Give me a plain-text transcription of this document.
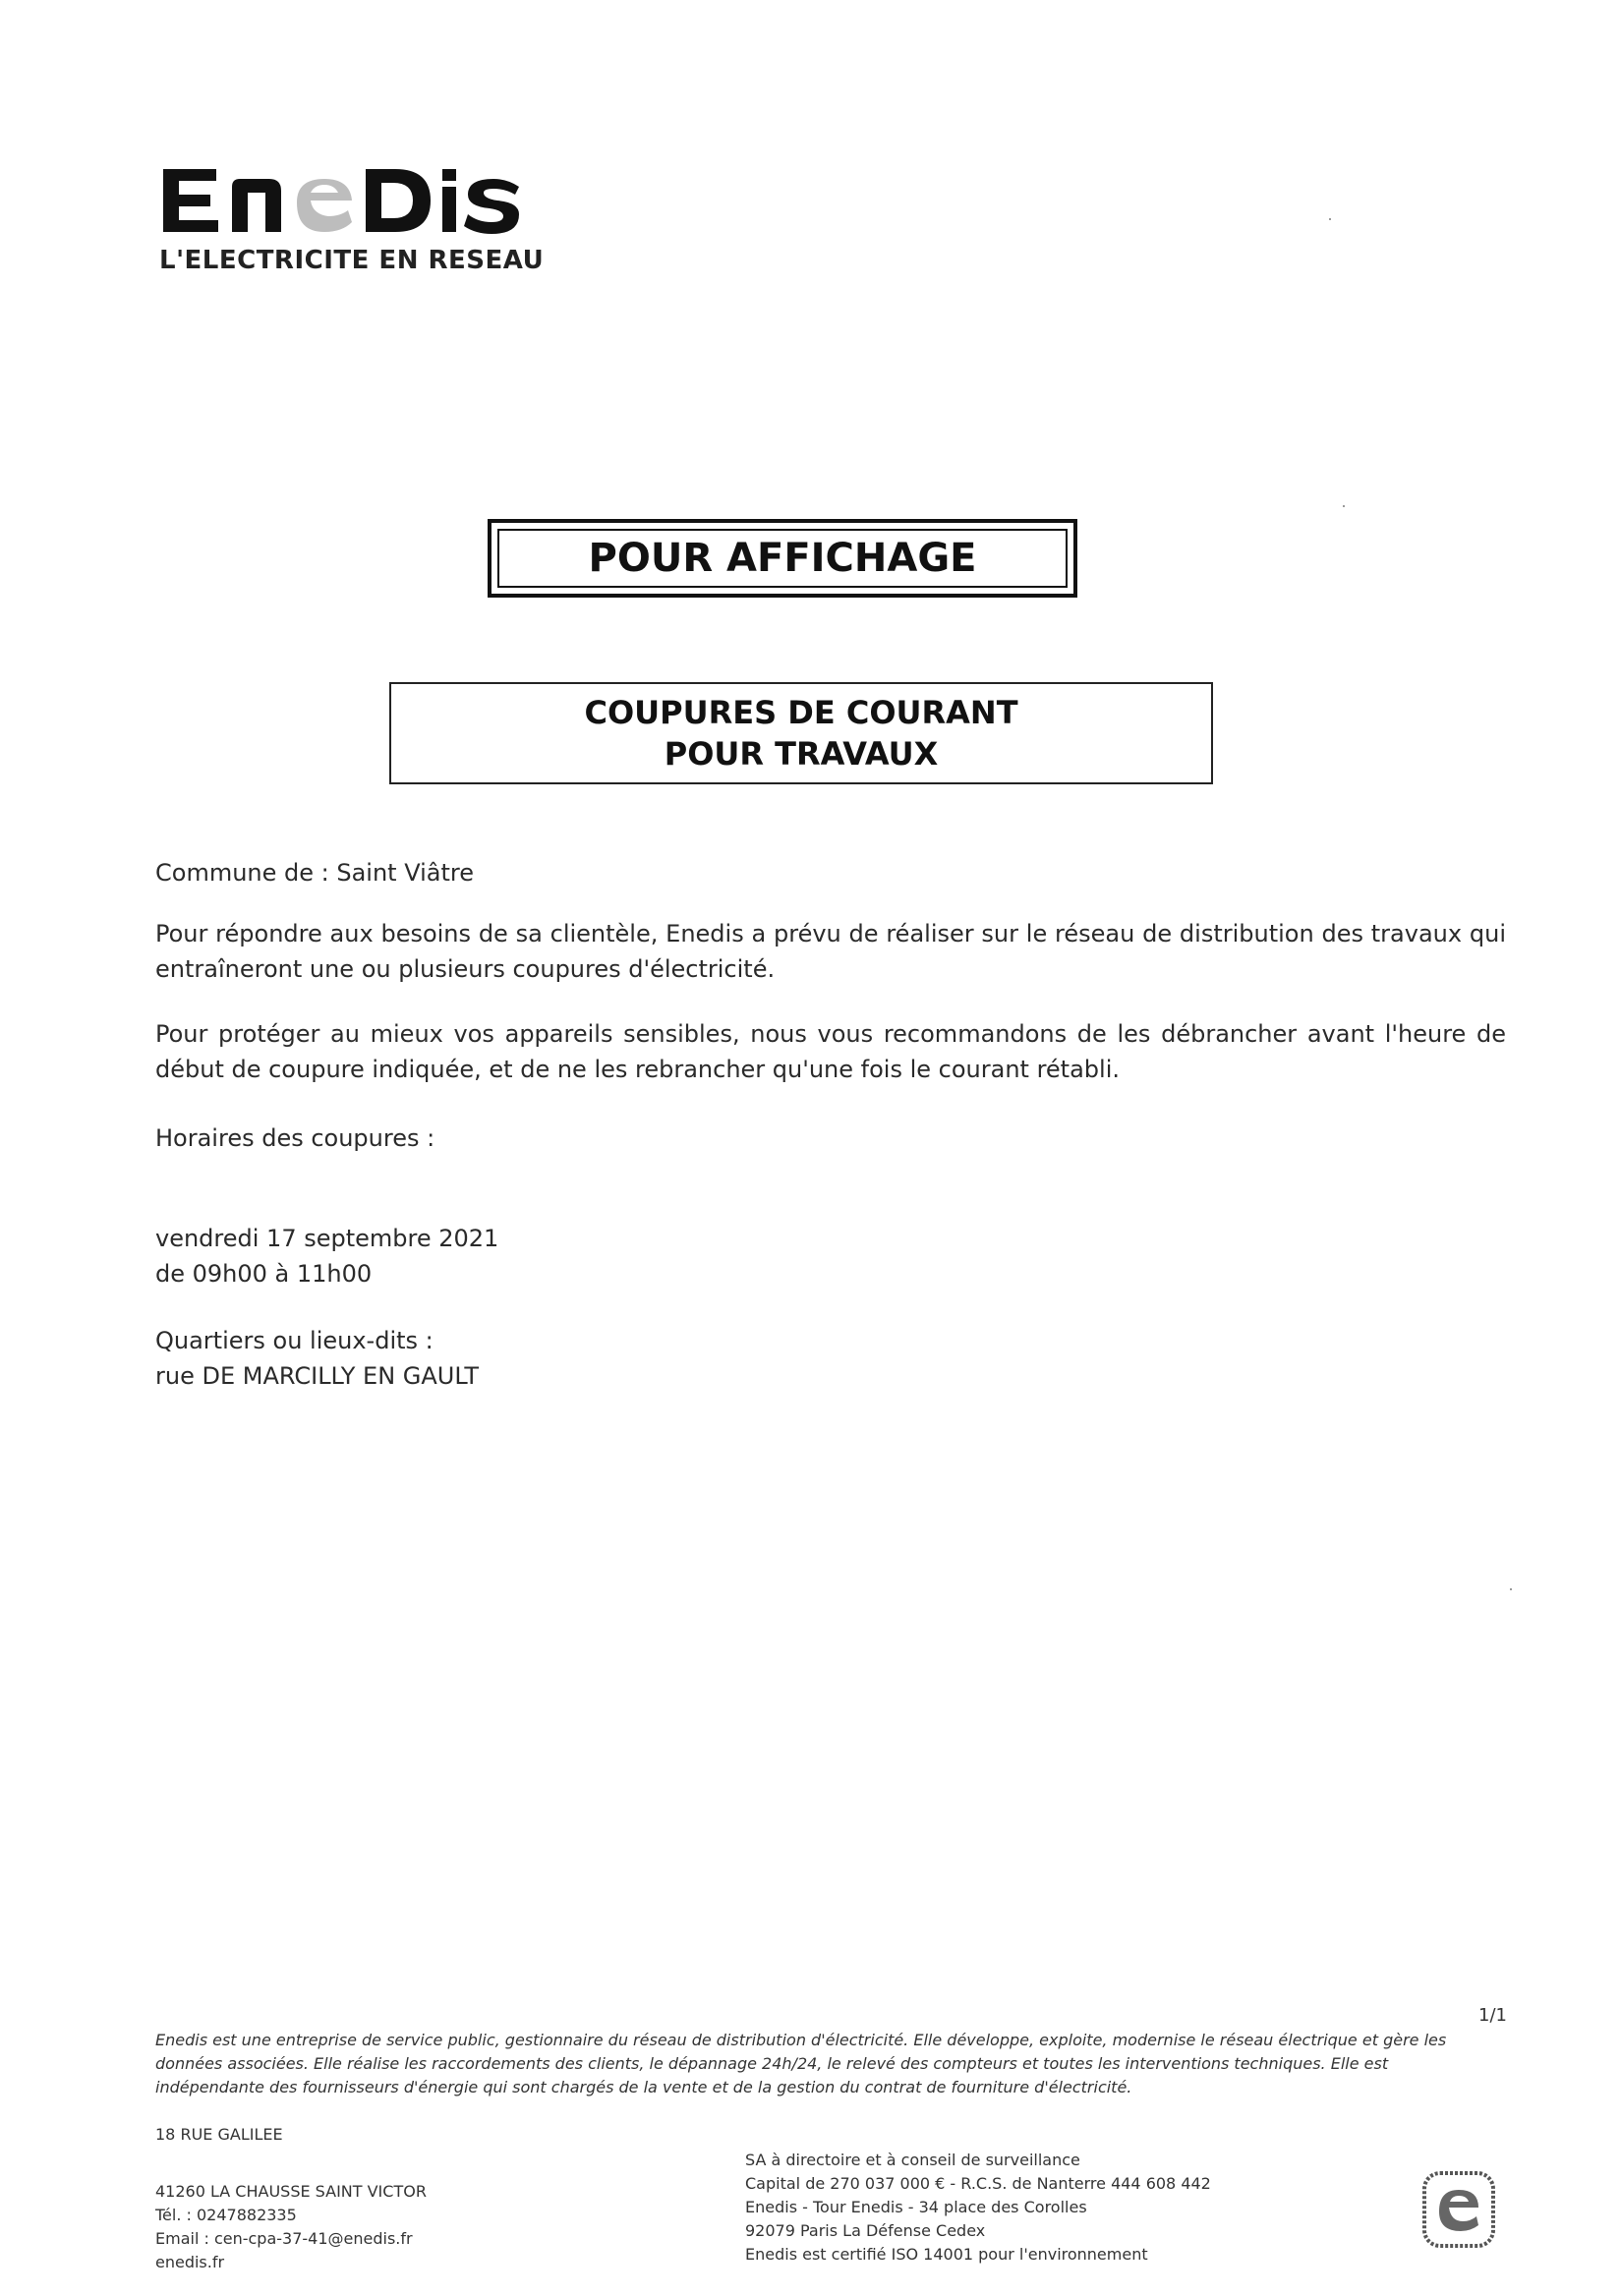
L'ELECTRICITE EN RESEAU
POUR AFFICHAGE
COUPURES DE COURANT
POUR TRAVAUX
Commune de : Saint Viâtre
Pour répondre aux besoins de sa clientèle, Enedis a prévu de réaliser sur le réseau de distribution des travaux qui entraîneront une ou plusieurs coupures d'électricité.
Pour protéger au mieux vos appareils sensibles, nous vous recommandons de les débrancher avant l'heure de début de coupure indiquée, et de ne les rebrancher qu'une fois le courant rétabli.
Horaires des coupures :
vendredi 17 septembre 2021
de 09h00 à 11h00
Quartiers ou lieux-dits :
rue DE MARCILLY EN GAULT
1/1
Enedis est une entreprise de service public, gestionnaire du réseau de distribution d'électricité. Elle développe, exploite, modernise le réseau électrique et gère les données associées. Elle réalise les raccordements des clients, le dépannage 24h/24, le relevé des compteurs et toutes les interventions techniques. Elle est indépendante des fournisseurs d'énergie qui sont chargés de la vente et de la gestion du contrat de fourniture d'électricité.
18 RUE GALILEE
41260 LA CHAUSSE SAINT VICTOR
Tél. : 0247882335
Email : cen-cpa-37-41@enedis.fr
enedis.fr
SA à directoire et à conseil de surveillance
Capital de 270 037 000 € - R.C.S. de Nanterre 444 608 442
Enedis - Tour Enedis - 34 place des Corolles
92079 Paris La Défense Cedex
Enedis est certifié ISO 14001 pour l'environnement
